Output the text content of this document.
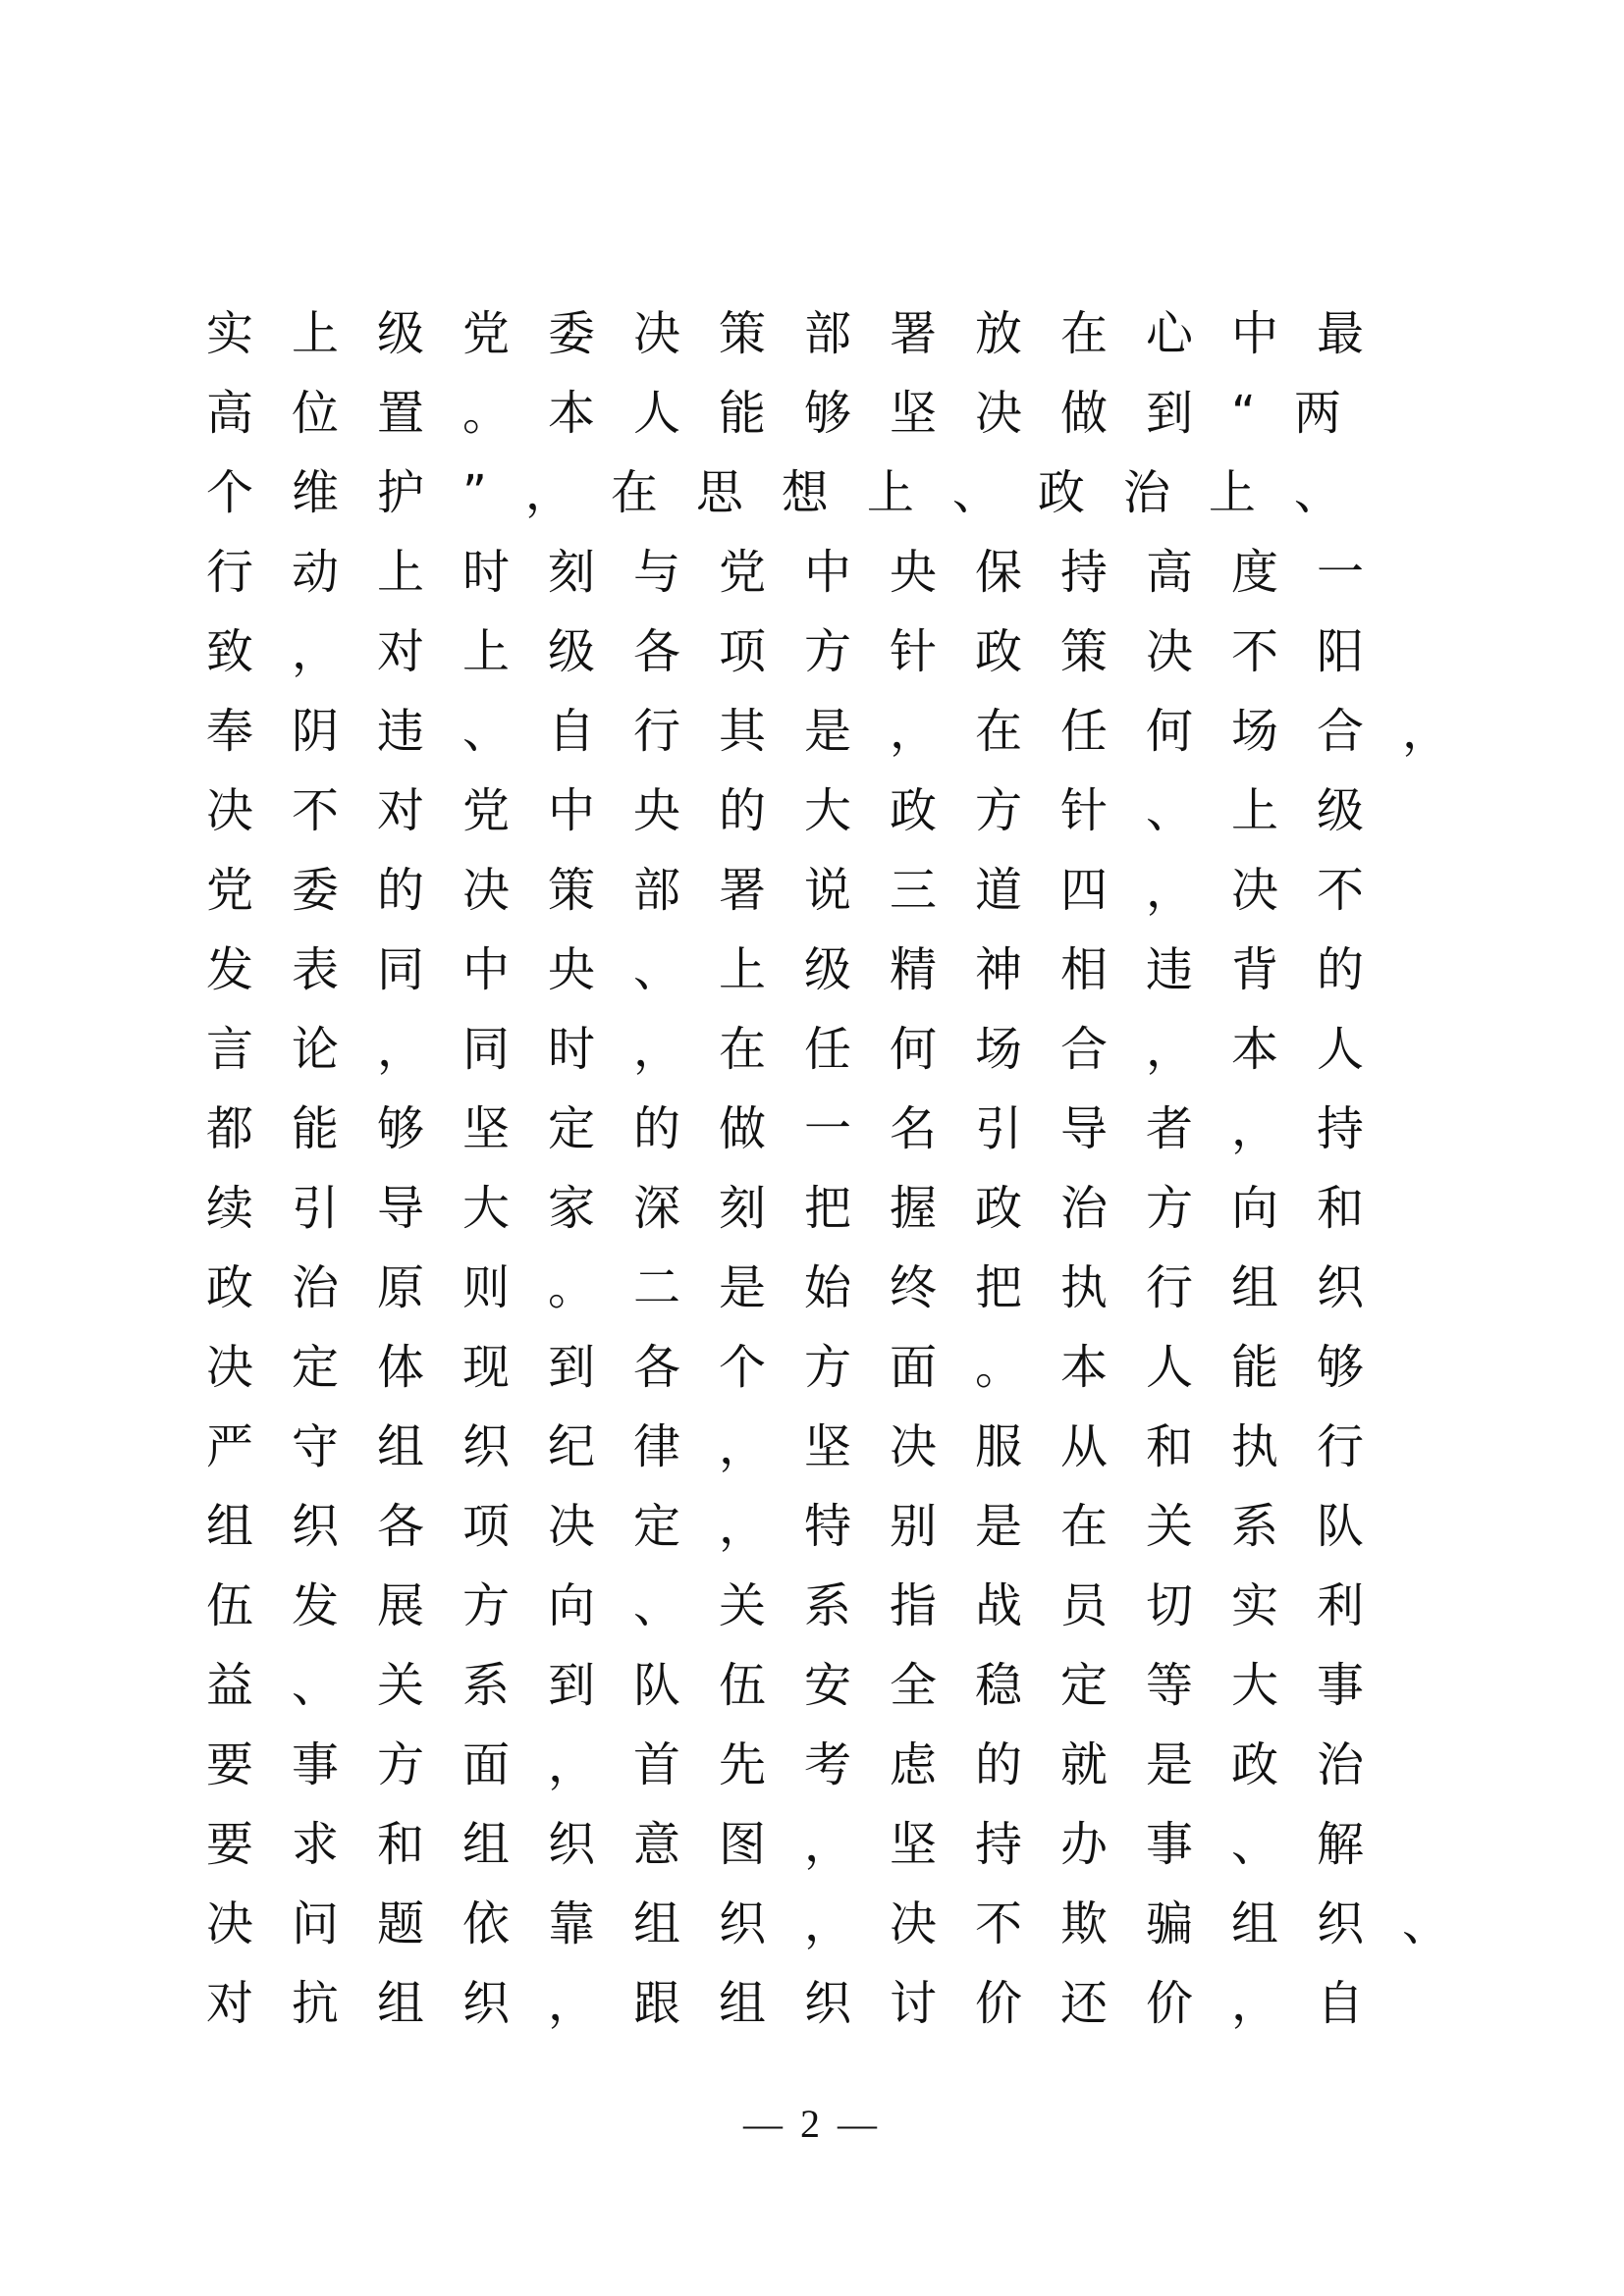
实上级党委决策部署放在心中最
高位置。本人能够坚决做到“两
个维护”，在思想上、政治上、
行动上时刻与党中央保持高度一
致，对上级各项方针政策决不阳
奉阴违、自行其是，在任何场合，
决不对党中央的大政方针、上级
党委的决策部署说三道四，决不
发表同中央、上级精神相违背的
言论，同时，在任何场合，本人
都能够坚定的做一名引导者，持
续引导大家深刻把握政治方向和
政治原则。二是始终把执行组织
决定体现到各个方面。本人能够
严守组织纪律，坚决服从和执行
组织各项决定，特别是在关系队
伍发展方向、关系指战员切实利
益、关系到队伍安全稳定等大事
要事方面，首先考虑的就是政治
要求和组织意图，坚持办事、解
决问题依靠组织，决不欺骗组织、
对抗组织，跟组织讨价还价，自
— 2 —
